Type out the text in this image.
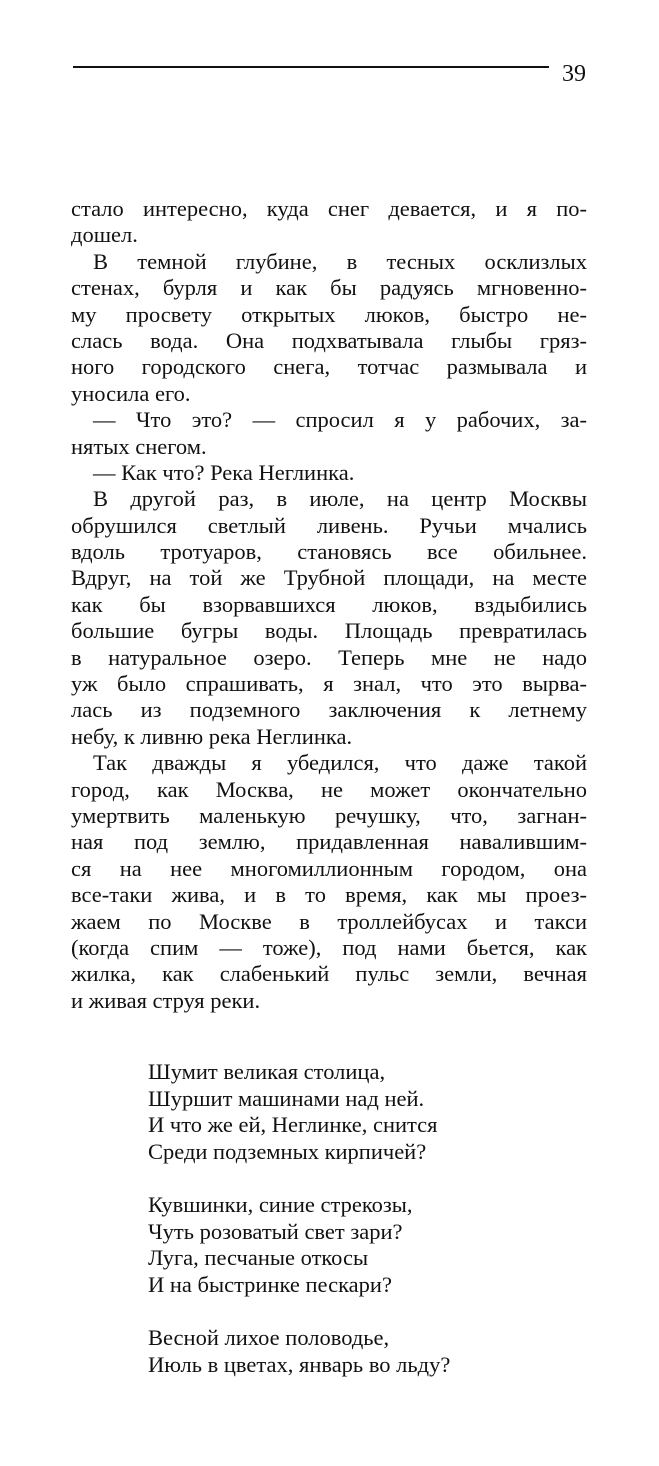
39
стало интересно, куда снег девается, и я по-
дошел.
В темной глубине, в тесных осклизлых
стенах, бурля и как бы радуясь мгновенно-
му просвету открытых люков, быстро не-
слась вода. Она подхватывала глыбы гряз-
ного городского снега, тотчас размывала и
уносила его.
— Что это? — спросил я у рабочих, за-
нятых снегом.
— Как что? Река Неглинка.
В другой раз, в июле, на центр Москвы
обрушился светлый ливень. Ручьи мчались
вдоль тротуаров, становясь все обильнее.
Вдруг, на той же Трубной площади, на месте
как бы взорвавшихся люков, вздыбились
большие бугры воды. Площадь превратилась
в натуральное озеро. Теперь мне не надо
уж было спрашивать, я знал, что это вырва-
лась из подземного заключения к летнему
небу, к ливню река Неглинка.
Так дважды я убедился, что даже такой
город, как Москва, не может окончательно
умертвить маленькую речушку, что, загнан-
ная под землю, придавленная навалившим-
ся на нее многомиллионным городом, она
все-таки жива, и в то время, как мы проез-
жаем по Москве в троллейбусах и такси
(когда спим — тоже), под нами бьется, как
жилка, как слабенький пульс земли, вечная
и живая струя реки.
Шумит великая столица,
Шуршит машинами над ней.
И что же ей, Неглинке, снится
Среди подземных кирпичей?
Кувшинки, синие стрекозы,
Чуть розоватый свет зари?
Луга, песчаные откосы
И на быстринке пескари?
Весной лихое половодье,
Июль в цветах, январь во льду?
